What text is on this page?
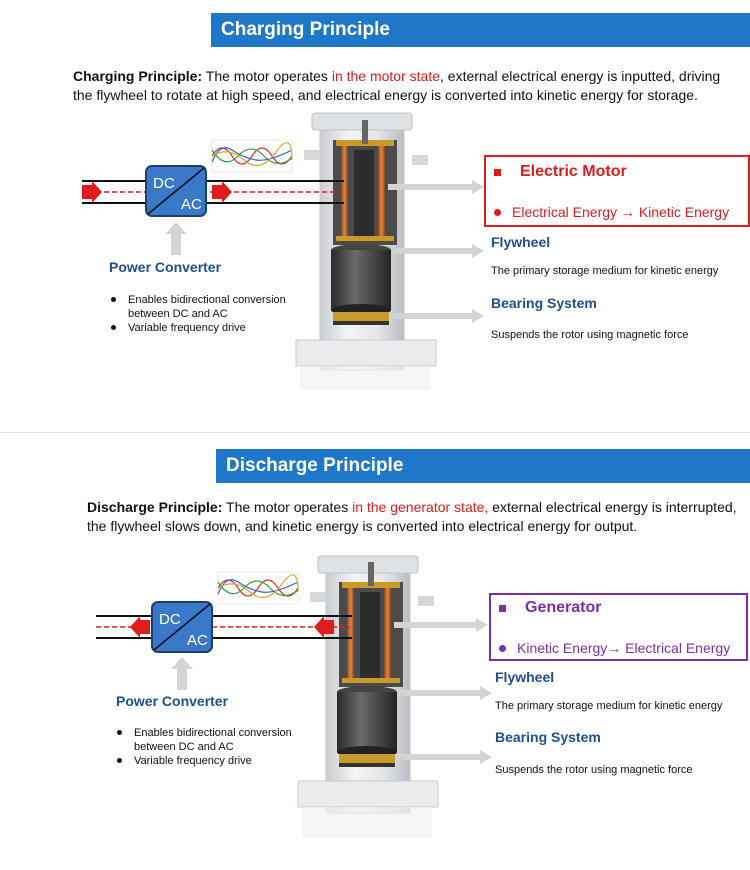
Charging Principle
Charging Principle: The motor operates in the motor state, external electrical energy is inputted, driving the flywheel to rotate at high speed, and electrical energy is converted into kinetic energy for storage.
DC
AC
Power Converter
Enables bidirectional conversion between DC and AC
Variable frequency drive
Electric Motor
Electrical Energy → Kinetic Energy
Flywheel
The primary storage medium for kinetic energy
Bearing System
Suspends the rotor using magnetic force
Discharge Principle
Discharge Principle: The motor operates in the generator state, external electrical energy is interrupted, the flywheel slows down, and kinetic energy is converted into electrical energy for output.
DC
AC
Power Converter
Enables bidirectional conversion between DC and AC
Variable frequency drive
Generator
Kinetic Energy→ Electrical Energy
Flywheel
The primary storage medium for kinetic energy
Bearing System
Suspends the rotor using magnetic force
